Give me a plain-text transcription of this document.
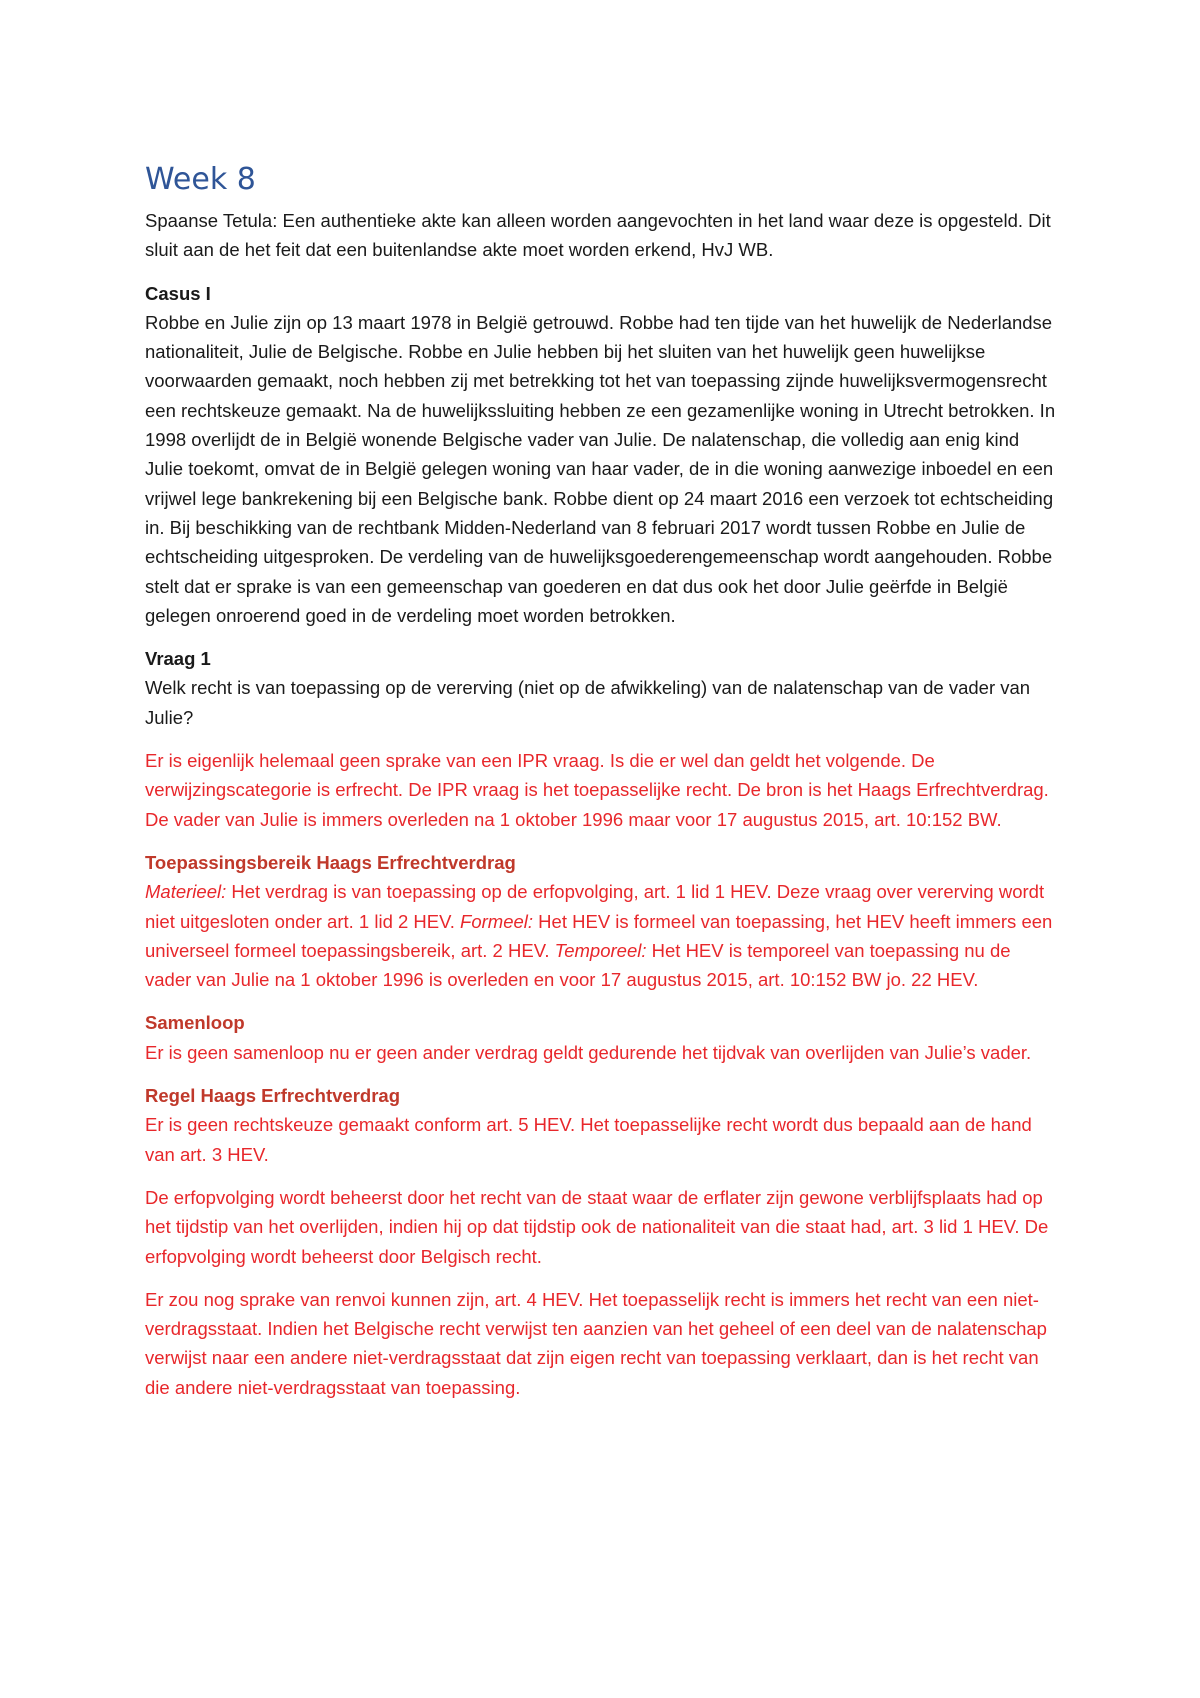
Week 8

Spaanse Tetula: Een authentieke akte kan alleen worden aangevochten in het land waar deze is opgesteld. Dit sluit aan de het feit dat een buitenlandse akte moet worden erkend, HvJ WB.

Casus I

Robbe en Julie zijn op 13 maart 1978 in België getrouwd. Robbe had ten tijde van het huwelijk de Nederlandse nationaliteit, Julie de Belgische. Robbe en Julie hebben bij het sluiten van het huwelijk geen huwelijkse voorwaarden gemaakt, noch hebben zij met betrekking tot het van toepassing zijnde huwelijksvermogensrecht een rechtskeuze gemaakt. Na de huwelijkssluiting hebben ze een gezamenlijke woning in Utrecht betrokken. In 1998 overlijdt de in België wonende Belgische vader van Julie. De nalatenschap, die volledig aan enig kind Julie toekomt, omvat de in België gelegen woning van haar vader, de in die woning aanwezige inboedel en een vrijwel lege bankrekening bij een Belgische bank. Robbe dient op 24 maart 2016 een verzoek tot echtscheiding in. Bij beschikking van de rechtbank Midden-Nederland van 8 februari 2017 wordt tussen Robbe en Julie de echtscheiding uitgesproken. De verdeling van de huwelijksgoederengemeenschap wordt aangehouden. Robbe stelt dat er sprake is van een gemeenschap van goederen en dat dus ook het door Julie geërfde in België gelegen onroerend goed in de verdeling moet worden betrokken.

Vraag 1

Welk recht is van toepassing op de vererving (niet op de afwikkeling) van de nalatenschap van de vader van Julie?

Er is eigenlijk helemaal geen sprake van een IPR vraag. Is die er wel dan geldt het volgende. De verwijzingscategorie is erfrecht. De IPR vraag is het toepasselijke recht. De bron is het Haags Erfrechtverdrag. De vader van Julie is immers overleden na 1 oktober 1996 maar voor 17 augustus 2015, art. 10:152 BW.

Toepassingsbereik Haags Erfrechtverdrag

Materieel: Het verdrag is van toepassing op de erfopvolging, art. 1 lid 1 HEV. Deze vraag over vererving wordt niet uitgesloten onder art. 1 lid 2 HEV. Formeel: Het HEV is formeel van toepassing, het HEV heeft immers een universeel formeel toepassingsbereik, art. 2 HEV. Temporeel: Het HEV is temporeel van toepassing nu de vader van Julie na 1 oktober 1996 is overleden en voor 17 augustus 2015, art. 10:152 BW jo. 22 HEV.

Samenloop

Er is geen samenloop nu er geen ander verdrag geldt gedurende het tijdvak van overlijden van Julie’s vader.

Regel Haags Erfrechtverdrag

Er is geen rechtskeuze gemaakt conform art. 5 HEV. Het toepasselijke recht wordt dus bepaald aan de hand van art. 3 HEV.

De erfopvolging wordt beheerst door het recht van de staat waar de erflater zijn gewone verblijfsplaats had op het tijdstip van het overlijden, indien hij op dat tijdstip ook de nationaliteit van die staat had, art. 3 lid 1 HEV. De erfopvolging wordt beheerst door Belgisch recht.

Er zou nog sprake van renvoi kunnen zijn, art. 4 HEV. Het toepasselijk recht is immers het recht van een niet-verdragsstaat. Indien het Belgische recht verwijst ten aanzien van het geheel of een deel van de nalatenschap verwijst naar een andere niet-verdragsstaat dat zijn eigen recht van toepassing verklaart, dan is het recht van die andere niet-verdragsstaat van toepassing.
